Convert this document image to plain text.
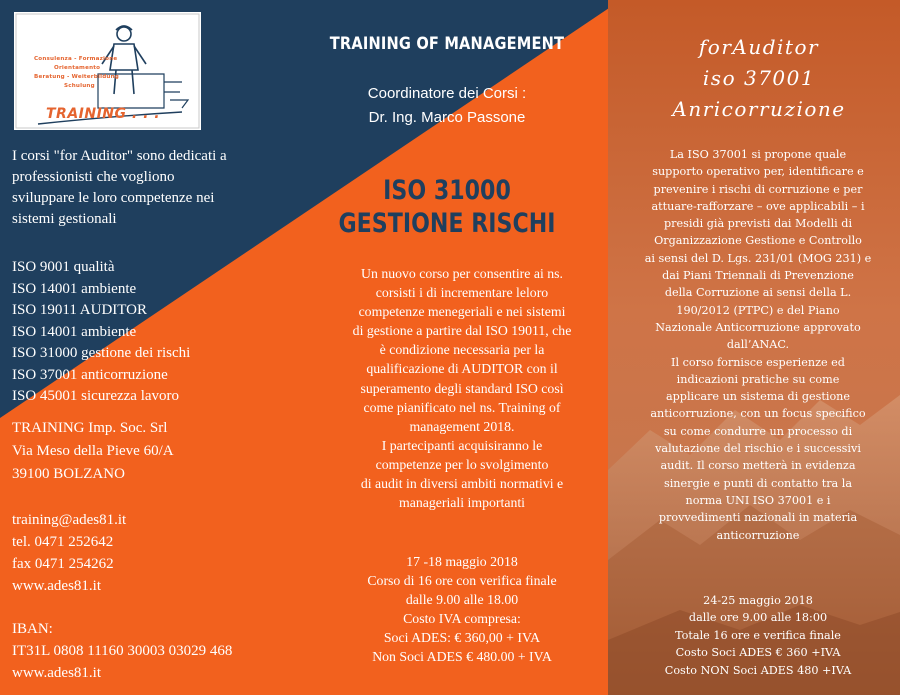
Consulenza - Formazione
Orientamento
Beratung - Weiterbildung
Schulung
TRAINING . . .
I corsi "for Auditor" sono dedicati a
professionisti che vogliono
sviluppare le loro competenze nei
sistemi gestionali
ISO 9001 qualità
ISO 14001 ambiente
ISO 19011 AUDITOR
ISO 14001 ambiente
ISO 31000 gestione dei rischi
ISO 37001 anticorruzione
ISO 45001 sicurezza lavoro
TRAINING Imp. Soc. Srl
Via Meso della Pieve 60/A
39100 BOLZANO
training@ades81.it
tel. 0471 252642
fax 0471 254262
www.ades81.it
IBAN:
IT31L 0808 11160 30003 03029 468
www.ades81.it
TRAINING OF MANAGEMENT
Coordinatore dei Corsi :
Dr. Ing. Marco Passone
ISO 31000
GESTIONE RISCHI
Un nuovo corso per consentire ai ns.
corsisti i di incrementare leloro
competenze menegeriali e nei sistemi
di gestione a partire dal ISO 19011, che
è condizione necessaria per la
qualificazione di AUDITOR con il
superamento degli standard ISO così
come pianificato nel ns. Training of
management 2018.
I partecipanti acquisiranno le
competenze per lo svolgimento
di audit in diversi ambiti normativi e
manageriali importanti
17 -18 maggio 2018
Corso di 16 ore con verifica finale
dalle 9.00 alle 18.00
Costo IVA compresa:
Soci ADES: € 360,00 + IVA
Non Soci ADES € 480.00 + IVA
forAuditor
iso 37001
Anricorruzione
La ISO 37001 si propone quale
supporto operativo per, identificare e
prevenire i rischi di corruzione e per
attuare-rafforzare – ove applicabili – i
presidi già previsti dai Modelli di
Organizzazione Gestione e Controllo
ai sensi del D. Lgs. 231/01 (MOG 231) e
dai Piani Triennali di Prevenzione
della Corruzione ai sensi della L.
190/2012 (PTPC) e del Piano
Nazionale Anticorruzione approvato
dall’ANAC.
Il corso fornisce esperienze ed
indicazioni pratiche su come
applicare un sistema di gestione
anticorruzione, con un focus specifico
su come condurre un processo di
valutazione del rischio e i successivi
audit. Il corso metterà in evidenza
sinergie e punti di contatto tra la
norma UNI ISO 37001 e i
provvedimenti nazionali in materia
anticorruzione
24-25 maggio 2018
dalle ore 9.00 alle 18:00
Totale 16 ore e verifica finale
Costo Soci ADES € 360 +IVA
Costo NON Soci ADES 480 +IVA
